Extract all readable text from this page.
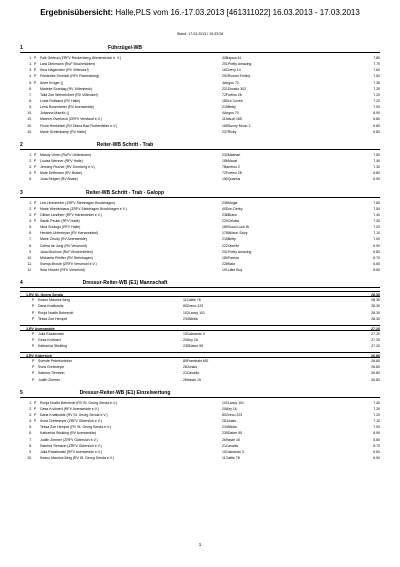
Ergebnisübersicht: Halle,PLS vom 16.-17.03.2013 [461311022] 16.03.2013 - 17.03.2013
Stand: 17.03.2013 / 19:33:28
1	Führzügel-WB
1. P	Falk Gertrud (ZRFV Reckenberg-Wiedenbrück e. V.)	40Bajoca 41	7.80
1. P	Lara Diekmann (RuF Bruchmühlen)	201Pretty Amazing	7.70
3. P	Sina Hagemann (RV Villendorf)	16Chevy 14	7.60
4. P	Friederike Schmidt (RFV Ravensberg)	292Rosner Robby	7.50
5. P	Anne Krüger ()	4Angus 70	7.30
6.	Marieke Sonntag (RV Jöllenbeck)	221Dorado 302	7.30
7.	Talia Zoe Wehmhöner (RV Villendorf)	72Fortino 28	7.20
8.	Luzia Rolfsand (RV Halle)	180Le Cuvée	7.20
9.	Lena Rosentreter (RV Avenwedde)	215Betty	7.00
10.	Johanna Mandic ()	4Angus 70	6.90
10.	Mareen Overbeck (ZRFV Verstand e.V.)	11Mauzi 165	6.80
10.	Fiona Henkelsel (RV Diana Bad Rothenfelde e.V.)	165Sunny Moon 2	6.80
10.	Marie Schlenkamp (RV Halle)	237Ricky	6.80
2	Reiter-WB Schritt - Trab
1. P	Mandy Ulrich (RuFV Uhlenlosen)	232Mashari	7.50
2. P	Louisa Wenner (RFV Halle)	186Mauzi	7.40
3. P	Jenning Fischer (RV Dornberg e.V.)	7Bamboo 2	7.30
4. P	Mute Driftmann (RV Brake)	72Fortino 28	6.80
5.	Jona Selgert (RV Brake)	150Quartus	6.50
3	Reiter-WB Schritt - Trab - Galopp
1. P	Lea Limmrieder (ZRFV Steinhagen Brockhagen)	238Mogia	7.60
2. P	Marie Wiedenhaus (ZRFV Steinhagen Brockhagen e.V.)	40Don Derby	7.50
3. P	Gillian Landherr (RFV Harsewinkel e.V.)	238Bravo	7.40
4. P	Sarah Peuler (RFV Halle)	220Celotta	7.30
5.	Nina Soulogo (RFV Halle)	189Good Luck W	7.20
6.	Hendrik Uhlemeyer (RV Harsewinkel)	178Wilson Story	7.10
7.	Marie Chudy (RV Avenwedde)	215Betty	7.00
8.	Celina de Jong (RV Versmold)	222Oberlin	6.90
9.	Jana Muchow (RuF Bruchmühlen)	201Pretty Amazing	6.80
10.	Michaela Pfeiffer (RV Steinhagen)	180Farena	6.70
11.	Svenja Broste (ZRFV Versmold e.V.)	228Nala	6.60
12.	Sina Höcker (RFV Versmold)	191Little Boy	6.50
4	Dressur-Reiter-WB (E1) Mannschaft
1.RV St. Georg Senda	28.30
P	Keano Maurice Berg	11Cattle 78	28.30
P	Dana Kratkowitz	80Greco 223	28.30
P	Ronja Noelle Behrendt	102Lancy 101	28.30
P	Tessa Zoe Hempel	234Nikita	28.30
2.RV Avenwedde	27.20
P	Julia Rosalewski	10Caleando 3	27.20
P	Gesa Krühnert	20Airy 16	27.20
P	Katharina Stickling	235Daker 95	27.20
3.RV Gütersloh	26.80
P	Svende Peterfonteker	85Framtrakt MD	26.80
P	Svea Grettmeyer	28Junais	26.80
P	Sabrina Tiemann	21Cavallio	26.80
P	Judith Zimmer	26Haste 16	26.80
5	Dressur-Reiter-WB (E1) Einzelwertung
1. P	Ronja Noelle Behrendt (RV St. Georg Senda e.V.)	102Lancy 101	7.40
2. P	Gesa Krühnert (RFV Avenwedde e.V.)	20Airy 16	7.30
3. P	Dana Kratkowitz (RV St. Georg Senda e.V.)	80Greco 223	7.20
4. P	Svea Grettmeyer (ZRFV Gütersloh e.V.)	28Junais	7.10
5.	Tessa Zoe Hempel (RV St. Georg Senda e.V.)	234Nikita	7.00
6.	Katharina Stickling (RV Avenwedde)	235Daker 95	6.90
7.	Judith Zimmer (ZRFV Gütersloh e.V.)	26Haste 16	6.80
8.	Sabrina Tiemann (ZRFV Gütersloh e.V.)	21Cavallio	6.70
9.	Julia Rosalewski (RFV Avenwedde e.V.)	10Caleando 3	6.60
10.	Keano Maurice Berg (RV St. Georg Senda e.V.)	11Cattle 78	6.50
1
